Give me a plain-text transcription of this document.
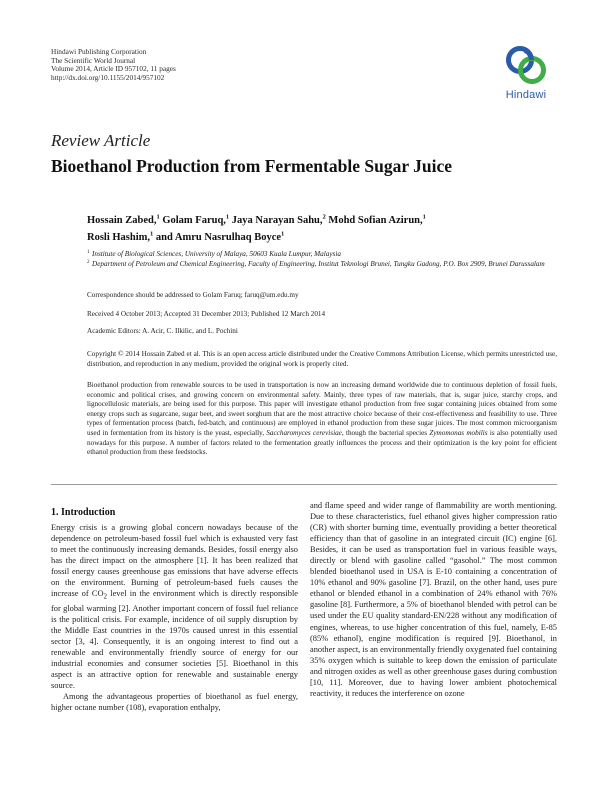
Hindawi Publishing Corporation
The Scientific World Journal
Volume 2014, Article ID 957102, 11 pages
http://dx.doi.org/10.1155/2014/957102
Hindawi
Review Article
Bioethanol Production from Fermentable Sugar Juice
Hossain Zabed,$^1$ Golam Faruq,$^1$ Jaya Narayan Sahu,$^2$ Mohd Sofian Azirun,$^1$
Rosli Hashim,$^1$ and Amru Nasrulhaq Boyce$^1$
1 Institute of Biological Sciences, University of Malaya, 50603 Kuala Lumpur, Malaysia
2 Department of Petroleum and Chemical Engineering, Faculty of Engineering, Institut Teknologi Brunei, Tungku Gadong, P.O. Box 2909, Brunei Darussalam
Correspondence should be addressed to Golam Faruq; faruq@um.edu.my
Received 4 October 2013; Accepted 31 December 2013; Published 12 March 2014
Academic Editors: A. Acir, C. Ilkilic, and L. Pochini
Copyright © 2014 Hossain Zabed et al. This is an open access article distributed under the Creative Commons Attribution License, which permits unrestricted use, distribution, and reproduction in any medium, provided the original work is properly cited.
Bioethanol production from renewable sources to be used in transportation is now an increasing demand worldwide due to continuous depletion of fossil fuels, economic and political crises, and growing concern on environmental safety. Mainly, three types of raw materials, that is, sugar juice, starchy crops, and lignocellulosic materials, are being used for this purpose. This paper will investigate ethanol production from free sugar containing juices obtained from some energy crops such as sugarcane, sugar beet, and sweet sorghum that are the most attractive choice because of their cost-effectiveness and feasibility to use. Three types of fermentation process (batch, fed-batch, and continuous) are employed in ethanol production from these sugar juices. The most common microorganism used in fermentation from its history is the yeast, especially, Saccharomyces cerevisiae, though the bacterial species Zymomonas mobilis is also potentially used nowadays for this purpose. A number of factors related to the fermentation greatly influences the process and their optimization is the key point for efficient ethanol production from these feedstocks.
1. Introduction

Energy crisis is a growing global concern nowadays because of the dependence on petroleum-based fossil fuel which is exhausted very fast to meet the continuously increasing demands. Besides, fossil energy also has the direct impact on the atmosphere [1]. It has been realized that fossil energy causes greenhouse gas emissions that have adverse effects on the environment. Burning of petroleum-based fuels causes the increase of $CO_2$ level in the environment which is directly responsible for global warming [2]. Another important concern of fossil fuel reliance is the political crisis. For example, incidence of oil supply disruption by the Middle East countries in the 1970s caused unrest in this essential sector [3, 4]. Consequently, it is an ongoing interest to find out a renewable and environmentally friendly source of energy for our industrial economies and consumer societies [5]. Bioethanol in this aspect is an attractive option for renewable and sustainable energy source.

Among the advantageous properties of bioethanol as fuel energy, higher octane number (108), evaporation enthalpy,

and flame speed and wider range of flammability are worth mentioning. Due to these characteristics, fuel ethanol gives higher compression ratio (CR) with shorter burning time, eventually providing a better theoretical efficiency than that of gasoline in an integrated circuit (IC) engine [6]. Besides, it can be used as transportation fuel in various feasible ways, directly or blend with gasoline called “gasohol.” The most common blended bioethanol used in USA is E-10 containing a concentration of 10% ethanol and 90% gasoline [7]. Brazil, on the other hand, uses pure ethanol or blended ethanol in a combination of 24% ethanol with 76% gasoline [8]. Furthermore, a 5% of bioethanol blended with petrol can be used under the EU quality standard-EN/228 without any modification of engines, whereas, to use higher concentration of this fuel, namely, E-85 (85% ethanol), engine modification is required [9]. Bioethanol, in another aspect, is an environmentally friendly oxygenated fuel containing 35% oxygen which is suitable to keep down the emission of particulate and nitrogen oxides as well as other greenhouse gases during combustion [10, 11]. Moreover, due to having lower ambient photochemical reactivity, it reduces the interference on ozone
